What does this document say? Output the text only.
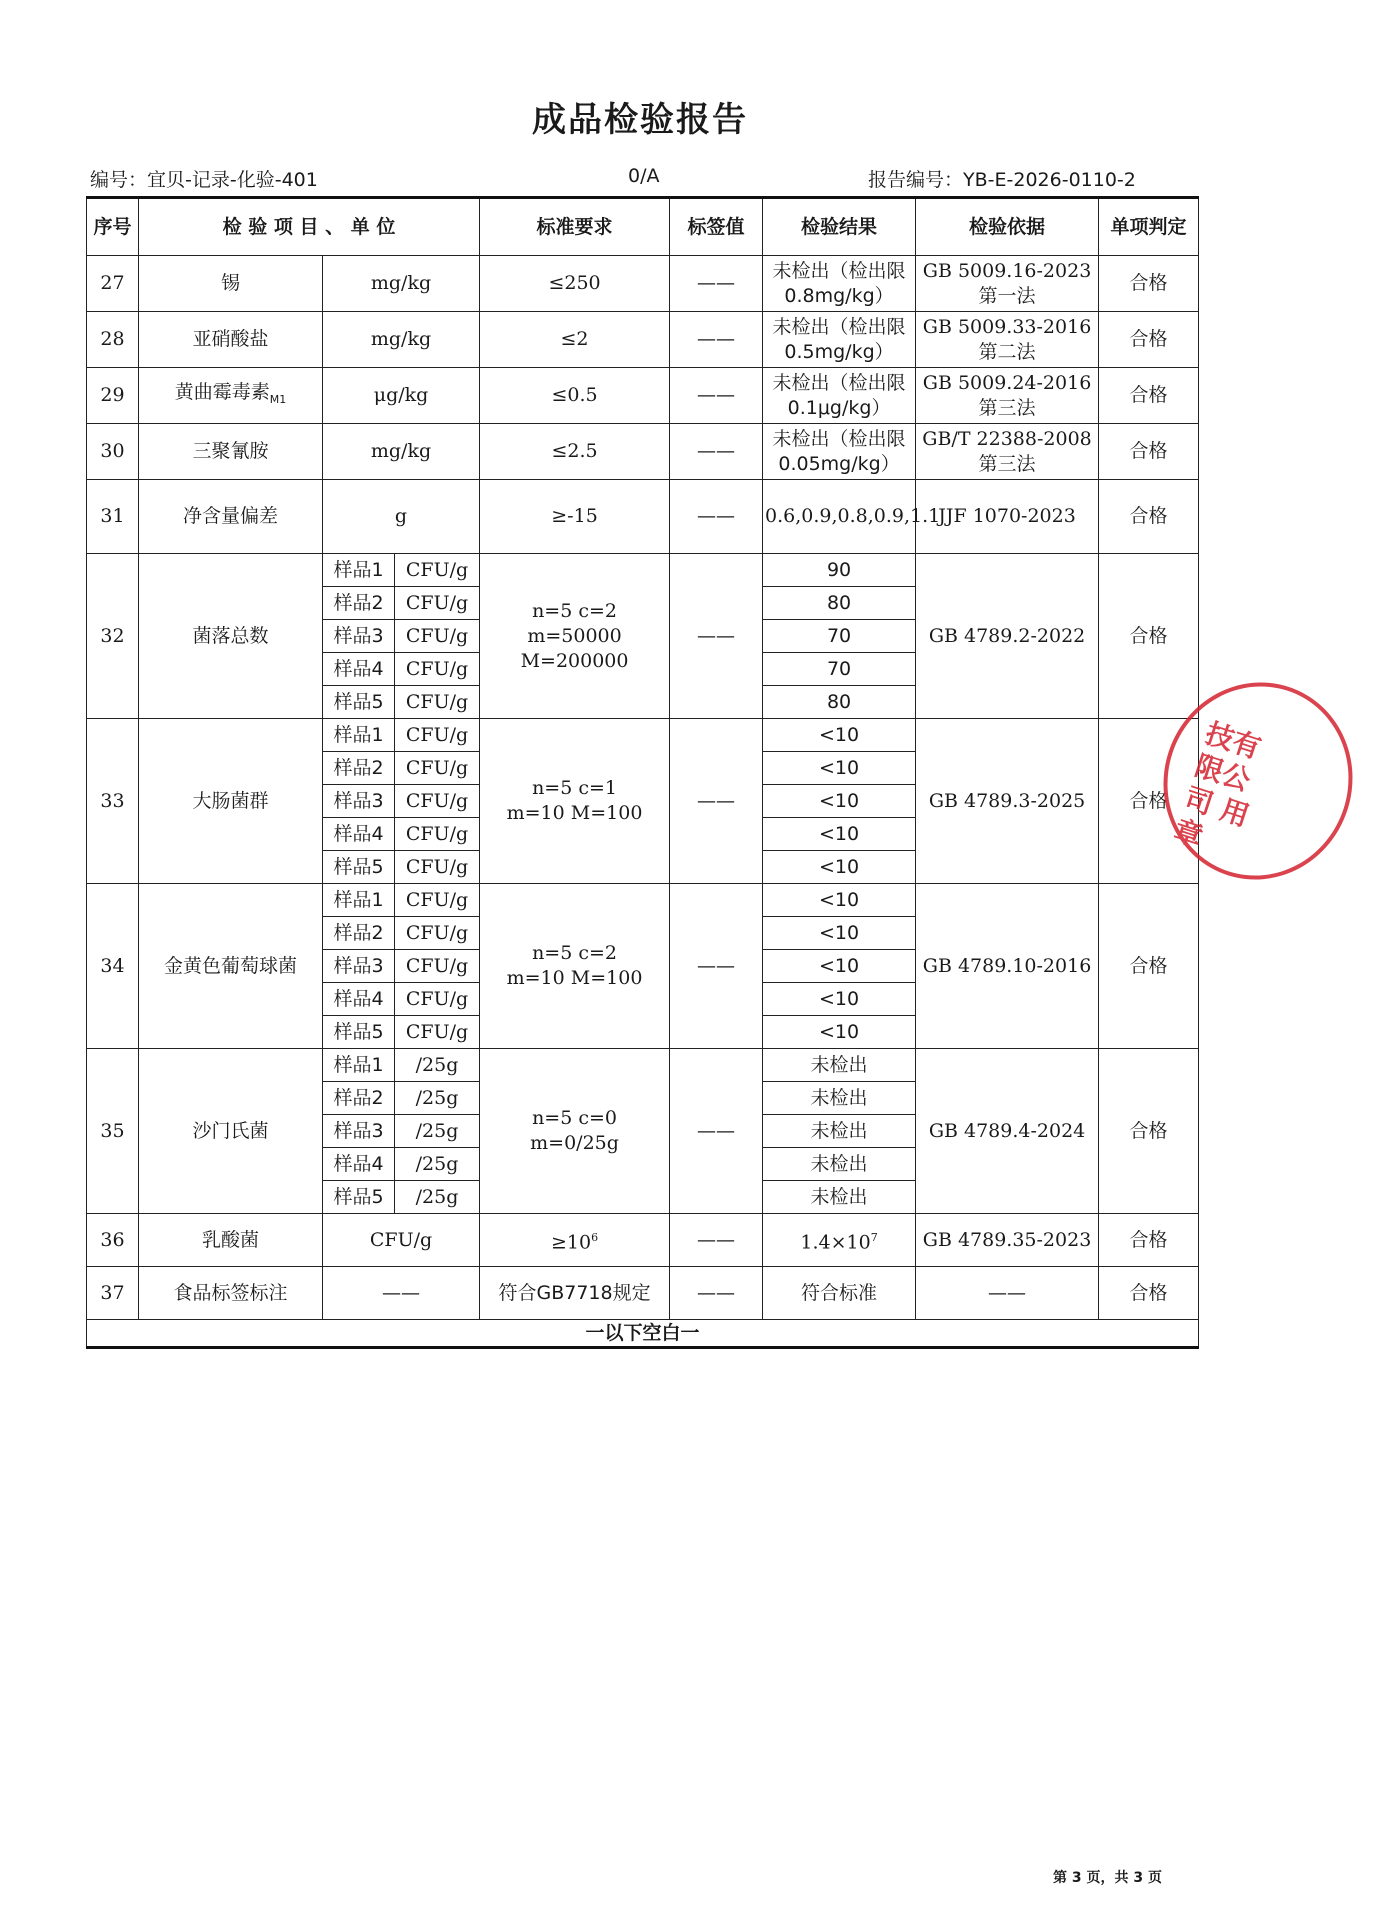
成品检验报告
编号：宜贝-记录-化验-401	0/A	报告编号：YB-E-2026-0110-2
序号	检 验 项 目 、 单 位			标准要求	标签值	检验结果	检验依据	单项判定
27	锡	mg/kg		≤250	——	未检出（检出限0.8mg/kg）	GB 5009.16-2023 第一法	合格
28	亚硝酸盐	mg/kg		≤2	——	未检出（检出限0.5mg/kg）	GB 5009.33-2016 第二法	合格
29	黄曲霉毒素$_{M1}$	μg/kg		≤0.5	——	未检出（检出限0.1μg/kg）	GB 5009.24-2016 第三法	合格
30	三聚氰胺	mg/kg		≤2.5	——	未检出（检出限0.05mg/kg）	GB/T 22388-2008 第三法	合格
31	净含量偏差	g		≥-15	——	0.6,0.9,0.8,0.9,1.1	JJF 1070-2023	合格
32	菌落总数	样品1	CFU/g	n=5 c=2
m=50000 M=200000	——	90	GB 4789.2-2022	合格
		样品2	CFU/g			80		
		样品3	CFU/g			70		
		样品4	CFU/g			70		
		样品5	CFU/g			80		
33	大肠菌群	样品1	CFU/g	n=5 c=1
m=10 M=100	——	<10	GB 4789.3-2025	合格
		样品2	CFU/g			<10		
		样品3	CFU/g			<10		
		样品4	CFU/g			<10		
		样品5	CFU/g			<10		
34	金黄色葡萄球菌	样品1	CFU/g	n=5 c=2
m=10 M=100	——	<10	GB 4789.10-2016	合格
		样品2	CFU/g			<10		
		样品3	CFU/g			<10		
		样品4	CFU/g			<10		
		样品5	CFU/g			<10		
35	沙门氏菌	样品1	/25g	n=5 c=0
m=0/25g	——	未检出	GB 4789.4-2024	合格
		样品2	/25g			未检出		
		样品3	/25g			未检出		
		样品4	/25g			未检出		
		样品5	/25g			未检出		
36	乳酸菌	CFU/g		$\ge 10^6$	——	$1.4\times 10^7$	GB 4789.35-2023	合格
37	食品标签标注	——		符合GB7718规定	——	符合标准	——	合格
一以下空白一								
技有限公司 用章
第 3 页，共 3 页
